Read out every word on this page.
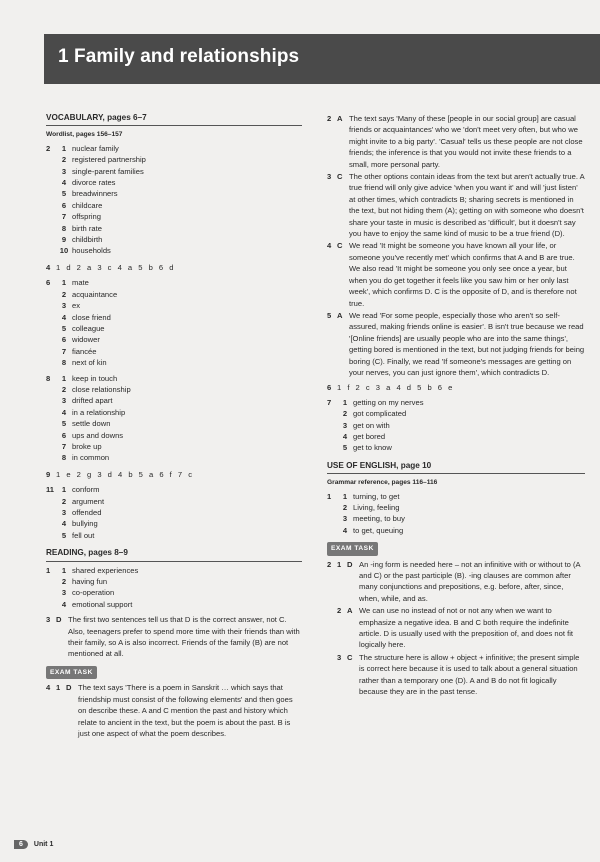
1 Family and relationships
VOCABULARY, pages 6–7
Wordlist, pages 156–157
2	1 nuclear family
2 registered partnership
3 single-parent families
4 divorce rates
5 breadwinners
6 childcare
7 offspring
8 birth rate
9 childbirth
10 households
4 1 d 2 a 3 c 4 a 5 b 6 d
6	1 mate
2 acquaintance
3 ex
4 close friend
5 colleague
6 widower
7 fiancée
8 next of kin
8	1 keep in touch
2 close relationship
3 drifted apart
4 in a relationship
5 settle down
6 ups and downs
7 broke up
8 in common
9 1 e 2 g 3 d 4 b 5 a 6 f 7 c
11	1 conform
2 argument
3 offended
4 bullying
5 fell out
READING, pages 8–9
1	1 shared experiences
2 having fun
3 co-operation
4 emotional support
3 D The first two sentences tell us that D is the correct answer, not C. Also, teenagers prefer to spend more time with their friends than with their family, so A is also incorrect. Friends of the family (B) are not mentioned at all.
EXAM TASK
4 1 D The text says 'There is a poem in Sanskrit … which says that friendship must consist of the following elements' and then goes on describe these. A and C mention the past and history which relate to ancient in the text, but the poem is about the past. B is just one aspect of what the poem describes.
2 A The text says 'Many of these [people in our social group] are casual friends or acquaintances' who we 'don't meet very often, but who we might invite to a big party'. 'Casual' tells us these people are not close friends; the inference is that you would not invite these friends to a small, more personal party.
3 C The other options contain ideas from the text but aren't actually true. A true friend will only give advice 'when you want it' and will 'just listen' at other times, which contradicts B; sharing secrets is mentioned in the text, but not hiding them (A); getting on with someone who doesn't share your taste in music is described as 'difficult', but it doesn't say you have to enjoy the same kind of music to be a true friend (D).
4 C We read 'It might be someone you have known all your life, or someone you've recently met' which confirms that A and B are true. We also read 'It might be someone you only see once a year, but when you do get together it feels like you saw him or her only last week', which confirms D. C is the opposite of D, and is therefore not true.
5 A We read 'For some people, especially those who aren't so self-assured, making friends online is easier'. B isn't true because we read '[Online friends] are usually people who are into the same things', getting bored is mentioned in the text, but not judging friends for being boring (C). Finally, we read 'If someone's messages are getting on your nerves, you can just ignore them', which contradicts D.
6 1 f 2 c 3 a 4 d 5 b 6 e
7	1 getting on my nerves
2 got complicated
3 get on with
4 get bored
5 get to know
USE OF ENGLISH, page 10
Grammar reference, pages 116–116
1	1 turning, to get
2 Living, feeling
3 meeting, to buy
4 to get, queuing
EXAM TASK
2 1 D An -ing form is needed here – not an infinitive with or without to (A and C) or the past participle (B). -ing clauses are common after many conjunctions and prepositions, e.g. before, after, since, when, while, and as.
2 A We can use no instead of not or not any when we want to emphasize a negative idea. B and C both require the indefinite article. D is usually used with the preposition of, and does not fit logically here.
3 C The structure here is allow + object + infinitive; the present simple is correct here because it is used to talk about a general situation rather than a temporary one (D). A and B do not fit logically because they are in the past tense.
6	Unit 1
